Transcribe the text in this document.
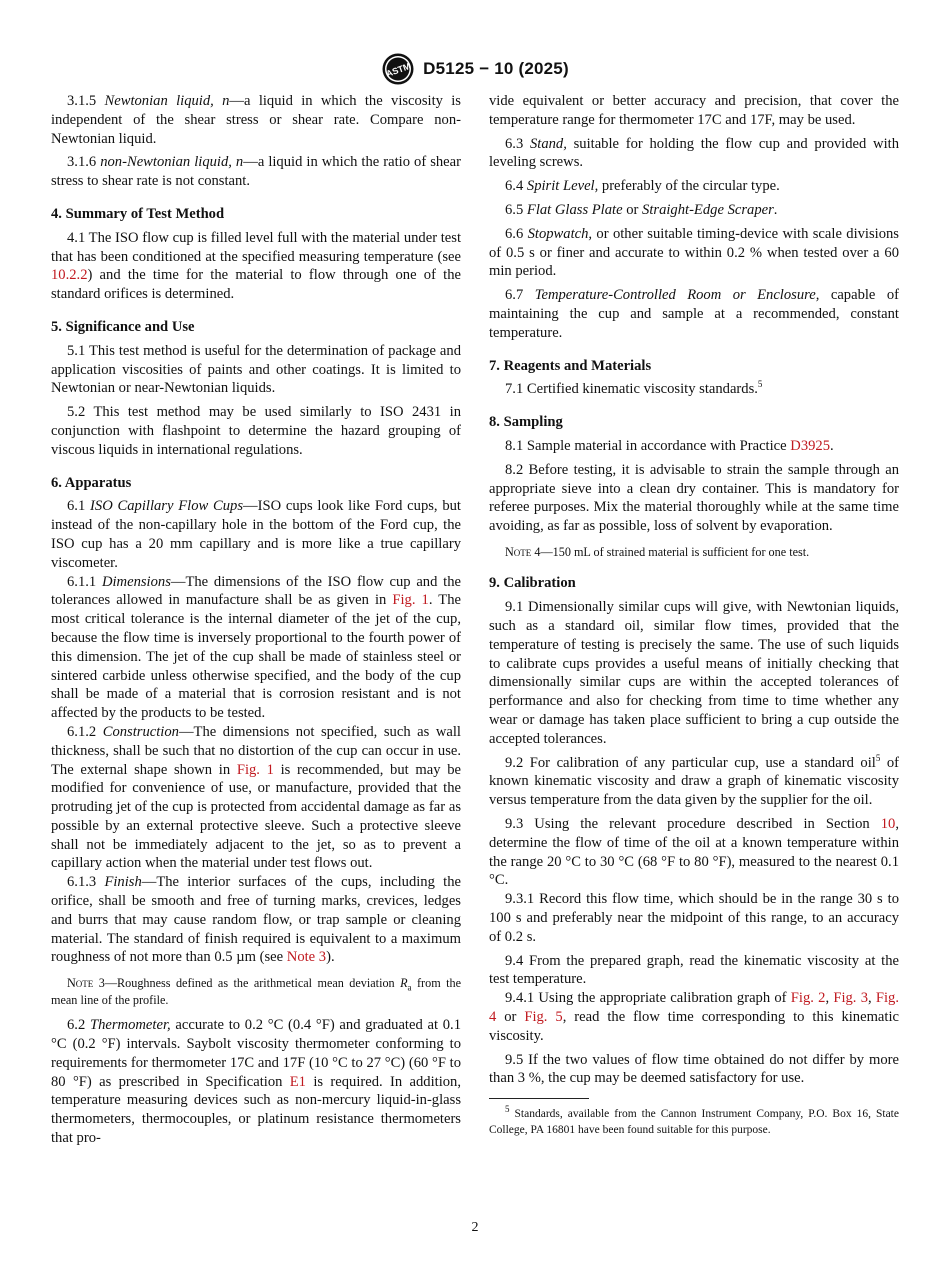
ASTM D5125 − 10 (2025)

3.1.5 Newtonian liquid, n—a liquid in which the viscosity is independent of the shear stress or shear rate. Compare non-Newtonian liquid.

3.1.6 non-Newtonian liquid, n—a liquid in which the ratio of shear stress to shear rate is not constant.

4. Summary of Test Method

4.1 The ISO flow cup is filled level full with the material under test that has been conditioned at the specified measuring temperature (see 10.2.2) and the time for the material to flow through one of the standard orifices is determined.

5. Significance and Use

5.1 This test method is useful for the determination of package and application viscosities of paints and other coatings. It is limited to Newtonian or near-Newtonian liquids.

5.2 This test method may be used similarly to ISO 2431 in conjunction with flashpoint to determine the hazard grouping of viscous liquids in international regulations.

6. Apparatus

6.1 ISO Capillary Flow Cups—ISO cups look like Ford cups, but instead of the non-capillary hole in the bottom of the Ford cup, the ISO cup has a 20 mm capillary and is more like a true capillary viscometer.

6.1.1 Dimensions—The dimensions of the ISO flow cup and the tolerances allowed in manufacture shall be as given in Fig. 1. The most critical tolerance is the internal diameter of the jet of the cup, because the flow time is inversely proportional to the fourth power of this dimension. The jet of the cup shall be made of stainless steel or sintered carbide unless otherwise specified, and the body of the cup shall be made of a material that is corrosion resistant and is not affected by the products to be tested.

6.1.2 Construction—The dimensions not specified, such as wall thickness, shall be such that no distortion of the cup can occur in use. The external shape shown in Fig. 1 is recommended, but may be modified for convenience of use, or manufacture, provided that the protruding jet of the cup is protected from accidental damage as far as possible by an external protective sleeve. Such a protective sleeve shall not be immediately adjacent to the jet, so as to prevent a capillary action when the material under test flows out.

6.1.3 Finish—The interior surfaces of the cups, including the orifice, shall be smooth and free of turning marks, crevices, ledges and burrs that may cause random flow, or trap sample or cleaning material. The standard of finish required is equivalent to a maximum roughness of not more than 0.5 µm (see Note 3).

Note 3—Roughness defined as the arithmetical mean deviation $R_a$ from the mean line of the profile.

6.2 Thermometer, accurate to 0.2 °C (0.4 °F) and graduated at 0.1 °C (0.2 °F) intervals. Saybolt viscosity thermometer conforming to requirements for thermometer 17C and 17F (10 °C to 27 °C) (60 °F to 80 °F) as prescribed in Specification E1 is required. In addition, temperature measuring devices such as non-mercury liquid-in-glass thermometers, thermocouples, or platinum resistance thermometers that pro-

vide equivalent or better accuracy and precision, that cover the temperature range for thermometer 17C and 17F, may be used.

6.3 Stand, suitable for holding the flow cup and provided with leveling screws.

6.4 Spirit Level, preferably of the circular type.

6.5 Flat Glass Plate or Straight-Edge Scraper.

6.6 Stopwatch, or other suitable timing-device with scale divisions of 0.5 s or finer and accurate to within 0.2 % when tested over a 60 min period.

6.7 Temperature-Controlled Room or Enclosure, capable of maintaining the cup and sample at a recommended, constant temperature.

7. Reagents and Materials

7.1 Certified kinematic viscosity standards.$^5$

8. Sampling

8.1 Sample material in accordance with Practice D3925.

8.2 Before testing, it is advisable to strain the sample through an appropriate sieve into a clean dry container. This is mandatory for referee purposes. Mix the material thoroughly while at the same time avoiding, as far as possible, loss of solvent by evaporation.

Note 4—150 mL of strained material is sufficient for one test.

9. Calibration

9.1 Dimensionally similar cups will give, with Newtonian liquids, such as a standard oil, similar flow times, provided that the temperature of testing is precisely the same. The use of such liquids to calibrate cups provides a useful means of initially checking that dimensionally similar cups are within the accepted tolerances of performance and also for checking from time to time whether any wear or damage has taken place sufficient to bring a cup outside the accepted tolerances.

9.2 For calibration of any particular cup, use a standard oil$^5$ of known kinematic viscosity and draw a graph of kinematic viscosity versus temperature from the data given by the supplier for the oil.

9.3 Using the relevant procedure described in Section 10, determine the flow of time of the oil at a known temperature within the range 20 °C to 30 °C (68 °F to 80 °F), measured to the nearest 0.1 °C.

9.3.1 Record this flow time, which should be in the range 30 s to 100 s and preferably near the midpoint of this range, to an accuracy of 0.2 s.

9.4 From the prepared graph, read the kinematic viscosity at the test temperature.

9.4.1 Using the appropriate calibration graph of Fig. 2, Fig. 3, Fig. 4 or Fig. 5, read the flow time corresponding to this kinematic viscosity.

9.5 If the two values of flow time obtained do not differ by more than 3 %, the cup may be deemed satisfactory for use.

$^5$ Standards, available from the Cannon Instrument Company, P.O. Box 16, State College, PA 16801 have been found suitable for this purpose.

2
